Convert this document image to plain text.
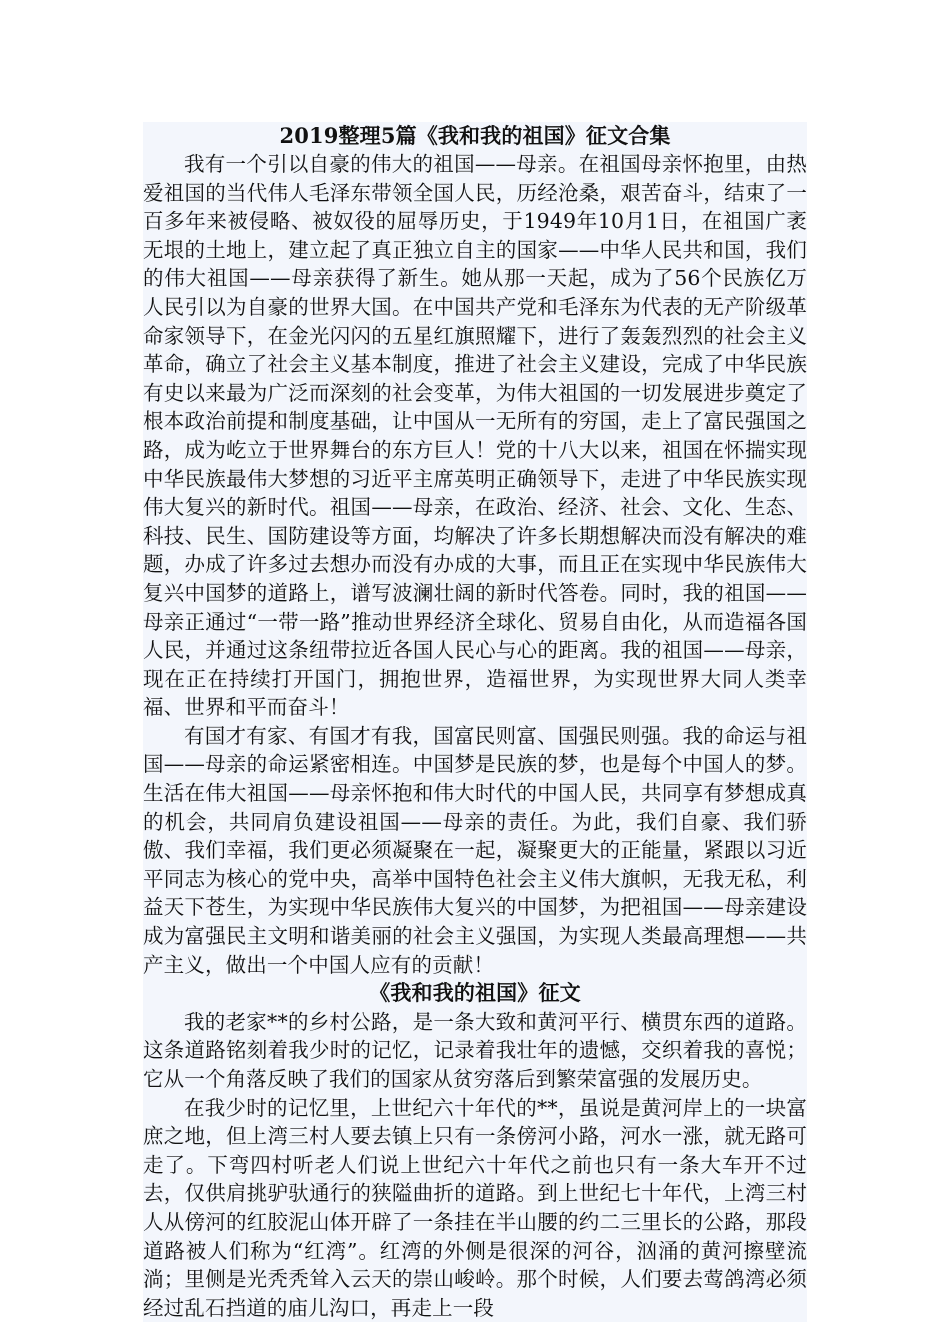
2019整理5篇《我和我的祖国》征文合集

我有一个引以自豪的伟大的祖国——母亲。在祖国母亲怀抱里，由热爱祖国的当代伟人毛泽东带领全国人民，历经沧桑，艰苦奋斗，结束了一百多年来被侵略、被奴役的屈辱历史，于1949年10月1日，在祖国广袤无垠的土地上，建立起了真正独立自主的国家——中华人民共和国，我们的伟大祖国——母亲获得了新生。她从那一天起，成为了56个民族亿万人民引以为自豪的世界大国。在中国共产党和毛泽东为代表的无产阶级革命家领导下，在金光闪闪的五星红旗照耀下，进行了轰轰烈烈的社会主义革命，确立了社会主义基本制度，推进了社会主义建设，完成了中华民族有史以来最为广泛而深刻的社会变革，为伟大祖国的一切发展进步奠定了根本政治前提和制度基础，让中国从一无所有的穷国，走上了富民强国之路，成为屹立于世界舞台的东方巨人！党的十八大以来，祖国在怀揣实现中华民族最伟大梦想的习近平主席英明正确领导下，走进了中华民族实现伟大复兴的新时代。祖国——母亲，在政治、经济、社会、文化、生态、科技、民生、国防建设等方面，均解决了许多长期想解决而没有解决的难题，办成了许多过去想办而没有办成的大事，而且正在实现中华民族伟大复兴中国梦的道路上，谱写波澜壮阔的新时代答卷。同时，我的祖国——母亲正通过“一带一路”推动世界经济全球化、贸易自由化，从而造福各国人民，并通过这条纽带拉近各国人民心与心的距离。我的祖国——母亲，现在正在持续打开国门，拥抱世界，造福世界，为实现世界大同人类幸福、世界和平而奋斗！

有国才有家、有国才有我，国富民则富、国强民则强。我的命运与祖国——母亲的命运紧密相连。中国梦是民族的梦，也是每个中国人的梦。生活在伟大祖国——母亲怀抱和伟大时代的中国人民，共同享有梦想成真的机会，共同肩负建设祖国——母亲的责任。为此，我们自豪、我们骄傲、我们幸福，我们更必须凝聚在一起，凝聚更大的正能量，紧跟以习近平同志为核心的党中央，高举中国特色社会主义伟大旗帜，无我无私，利益天下苍生，为实现中华民族伟大复兴的中国梦，为把祖国——母亲建设成为富强民主文明和谐美丽的社会主义强国，为实现人类最高理想——共产主义，做出一个中国人应有的贡献！

《我和我的祖国》征文

我的老家**的乡村公路，是一条大致和黄河平行、横贯东西的道路。这条道路铭刻着我少时的记忆，记录着我壮年的遗憾，交织着我的喜悦；它从一个角落反映了我们的国家从贫穷落后到繁荣富强的发展历史。

在我少时的记忆里，上世纪六十年代的**，虽说是黄河岸上的一块富庶之地，但上湾三村人要去镇上只有一条傍河小路，河水一涨，就无路可走了。下弯四村听老人们说上世纪六十年代之前也只有一条大车开不过去，仅供肩挑驴驮通行的狭隘曲折的道路。到上世纪七十年代，上湾三村人从傍河的红胶泥山体开辟了一条挂在半山腰的约二三里长的公路，那段道路被人们称为“红湾”。红湾的外侧是很深的河谷，汹涌的黄河擦壁流淌；里侧是光秃秃耸入云天的崇山峻岭。那个时候，人们要去莺鸽湾必须经过乱石挡道的庙儿沟口，再走上一段
